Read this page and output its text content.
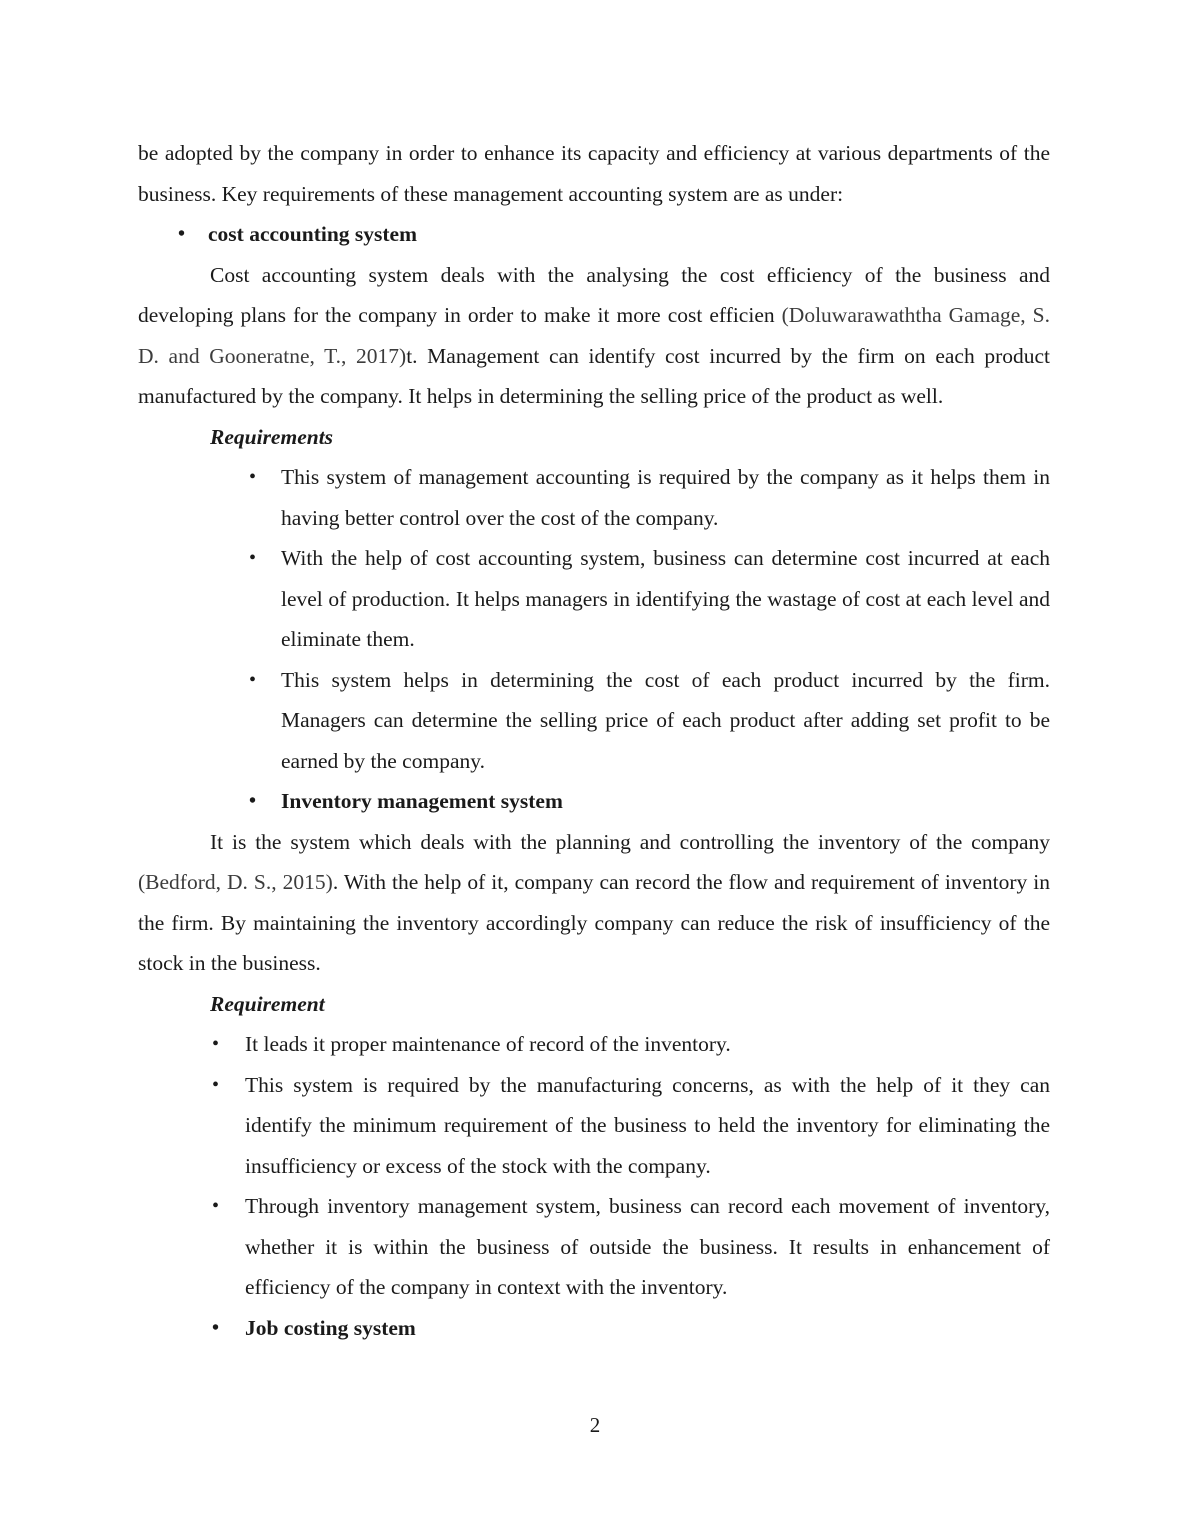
be adopted by the company in order to enhance its capacity and efficiency at various departments of the business. Key requirements of these management accounting system are as under:

• cost accounting system

Cost accounting system deals with the analysing the cost efficiency of the business and developing plans for the company in order to make it more cost efficien (Doluwarawaththa Gamage, S. D. and Gooneratne, T., 2017)t. Management can identify cost incurred by the firm on each product manufactured by the company. It helps in determining the selling price of the product as well.

Requirements
• This system of management accounting is required by the company as it helps them in having better control over the cost of the company.
• With the help of cost accounting system, business can determine cost incurred at each level of production. It helps managers in identifying the wastage of cost at each level and eliminate them.
• This system helps in determining the cost of each product incurred by the firm. Managers can determine the selling price of each product after adding set profit to be earned by the company.
• Inventory management system

It is the system which deals with the planning and controlling the inventory of the company (Bedford, D. S., 2015). With the help of it, company can record the flow and requirement of inventory in the firm. By maintaining the inventory accordingly company can reduce the risk of insufficiency of the stock in the business.

Requirement
• It leads it proper maintenance of record of the inventory.
• This system is required by the manufacturing concerns, as with the help of it they can identify the minimum requirement of the business to held the inventory for eliminating the insufficiency or excess of the stock with the company.
• Through inventory management system, business can record each movement of inventory, whether it is within the business of outside the business. It results in enhancement of efficiency of the company in context with the inventory.
• Job costing system
2
